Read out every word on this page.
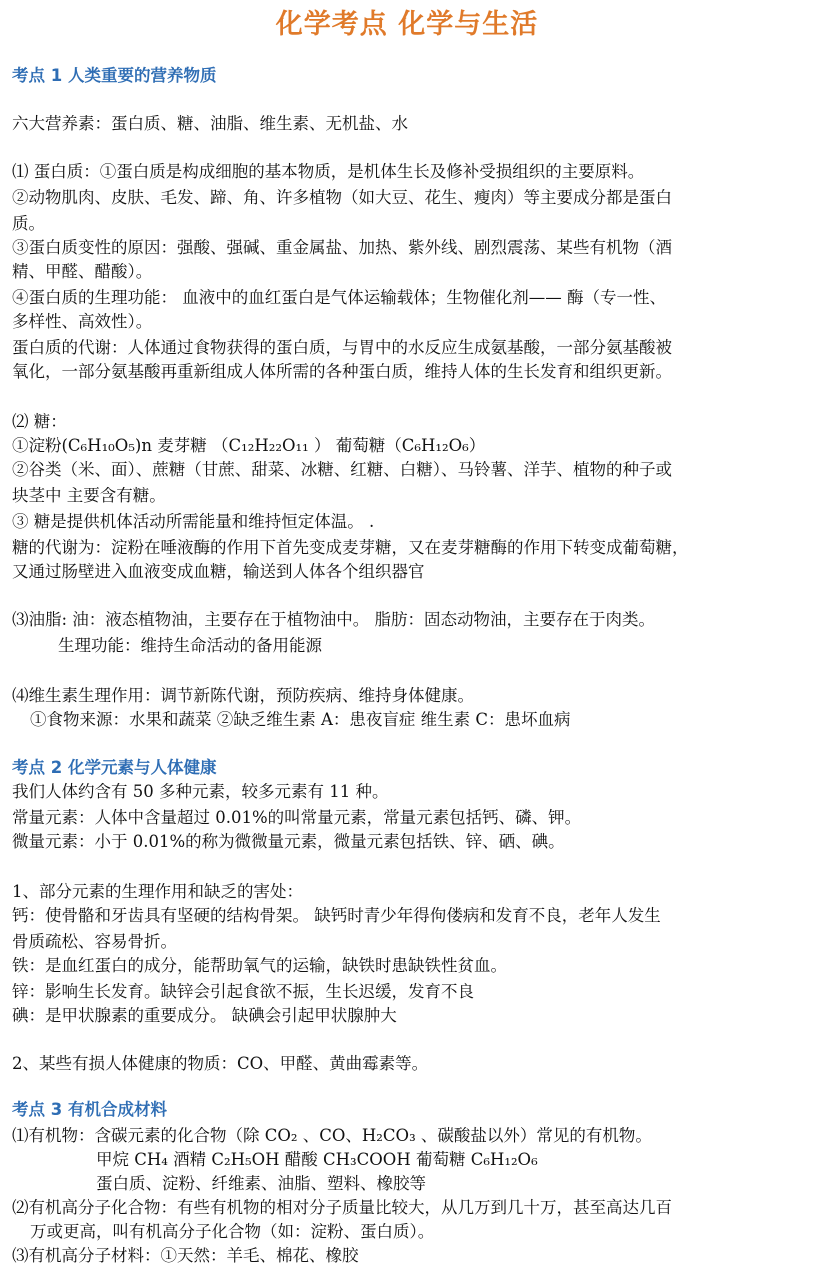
化学考点 化学与生活
考点 1 人类重要的营养物质
六大营养素：蛋白质、糖、油脂、维生素、无机盐、水
⑴ 蛋白质：①蛋白质是构成细胞的基本物质，是机体生长及修补受损组织的主要原料。
②动物肌肉、皮肤、毛发、蹄、角、许多植物（如大豆、花生、瘦肉）等主要成分都是蛋白
质。
③蛋白质变性的原因：强酸、强碱、重金属盐、加热、紫外线、剧烈震荡、某些有机物（酒
精、甲醛、醋酸）。
④蛋白质的生理功能： 血液中的血红蛋白是气体运输载体；生物催化剂—— 酶（专一性、
多样性、高效性）。
蛋白质的代谢：人体通过食物获得的蛋白质，与胃中的水反应生成氨基酸，一部分氨基酸被
氧化，一部分氨基酸再重新组成人体所需的各种蛋白质，维持人体的生长发育和组织更新。
⑵ 糖：
①淀粉(C₆H₁₀O₅)n 麦芽糖 （C₁₂H₂₂O₁₁ ） 葡萄糖（C₆H₁₂O₆）
②谷类（米、面）、蔗糖（甘蔗、甜菜、冰糖、红糖、白糖）、马铃薯、洋芋、植物的种子或
块茎中 主要含有糖。
③ 糖是提供机体活动所需能量和维持恒定体温。 .
糖的代谢为：淀粉在唾液酶的作用下首先变成麦芽糖，又在麦芽糖酶的作用下转变成葡萄糖，
又通过肠壁进入血液变成血糖，输送到人体各个组织器官
⑶油脂: 油：液态植物油，主要存在于植物油中。 脂肪：固态动物油，主要存在于肉类。
生理功能：维持生命活动的备用能源
⑷维生素生理作用：调节新陈代谢，预防疾病、维持身体健康。
①食物来源：水果和蔬菜 ②缺乏维生素 A：患夜盲症 维生素 C：患坏血病
考点 2 化学元素与人体健康
我们人体约含有 50 多种元素，较多元素有 11 种。
常量元素：人体中含量超过 0.01%的叫常量元素，常量元素包括钙、磷、钾。
微量元素：小于 0.01%的称为微微量元素，微量元素包括铁、锌、硒、碘。
1、部分元素的生理作用和缺乏的害处：
钙：使骨骼和牙齿具有坚硬的结构骨架。 缺钙时青少年得佝偻病和发育不良，老年人发生
骨质疏松、容易骨折。
铁：是血红蛋白的成分，能帮助氧气的运输，缺铁时患缺铁性贫血。
锌：影响生长发育。缺锌会引起食欲不振，生长迟缓，发育不良
碘：是甲状腺素的重要成分。 缺碘会引起甲状腺肿大
2、某些有损人体健康的物质：CO、甲醛、黄曲霉素等。
考点 3 有机合成材料
⑴有机物：含碳元素的化合物（除 CO₂ 、CO、H₂CO₃ 、碳酸盐以外）常见的有机物。
甲烷 CH₄ 酒精 C₂H₅OH 醋酸 CH₃COOH 葡萄糖 C₆H₁₂O₆
蛋白质、淀粉、纤维素、油脂、塑料、橡胶等
⑵有机高分子化合物：有些有机物的相对分子质量比较大，从几万到几十万，甚至高达几百
万或更高，叫有机高分子化合物（如：淀粉、蛋白质）。
⑶有机高分子材料：①天然：羊毛、棉花、橡胶
